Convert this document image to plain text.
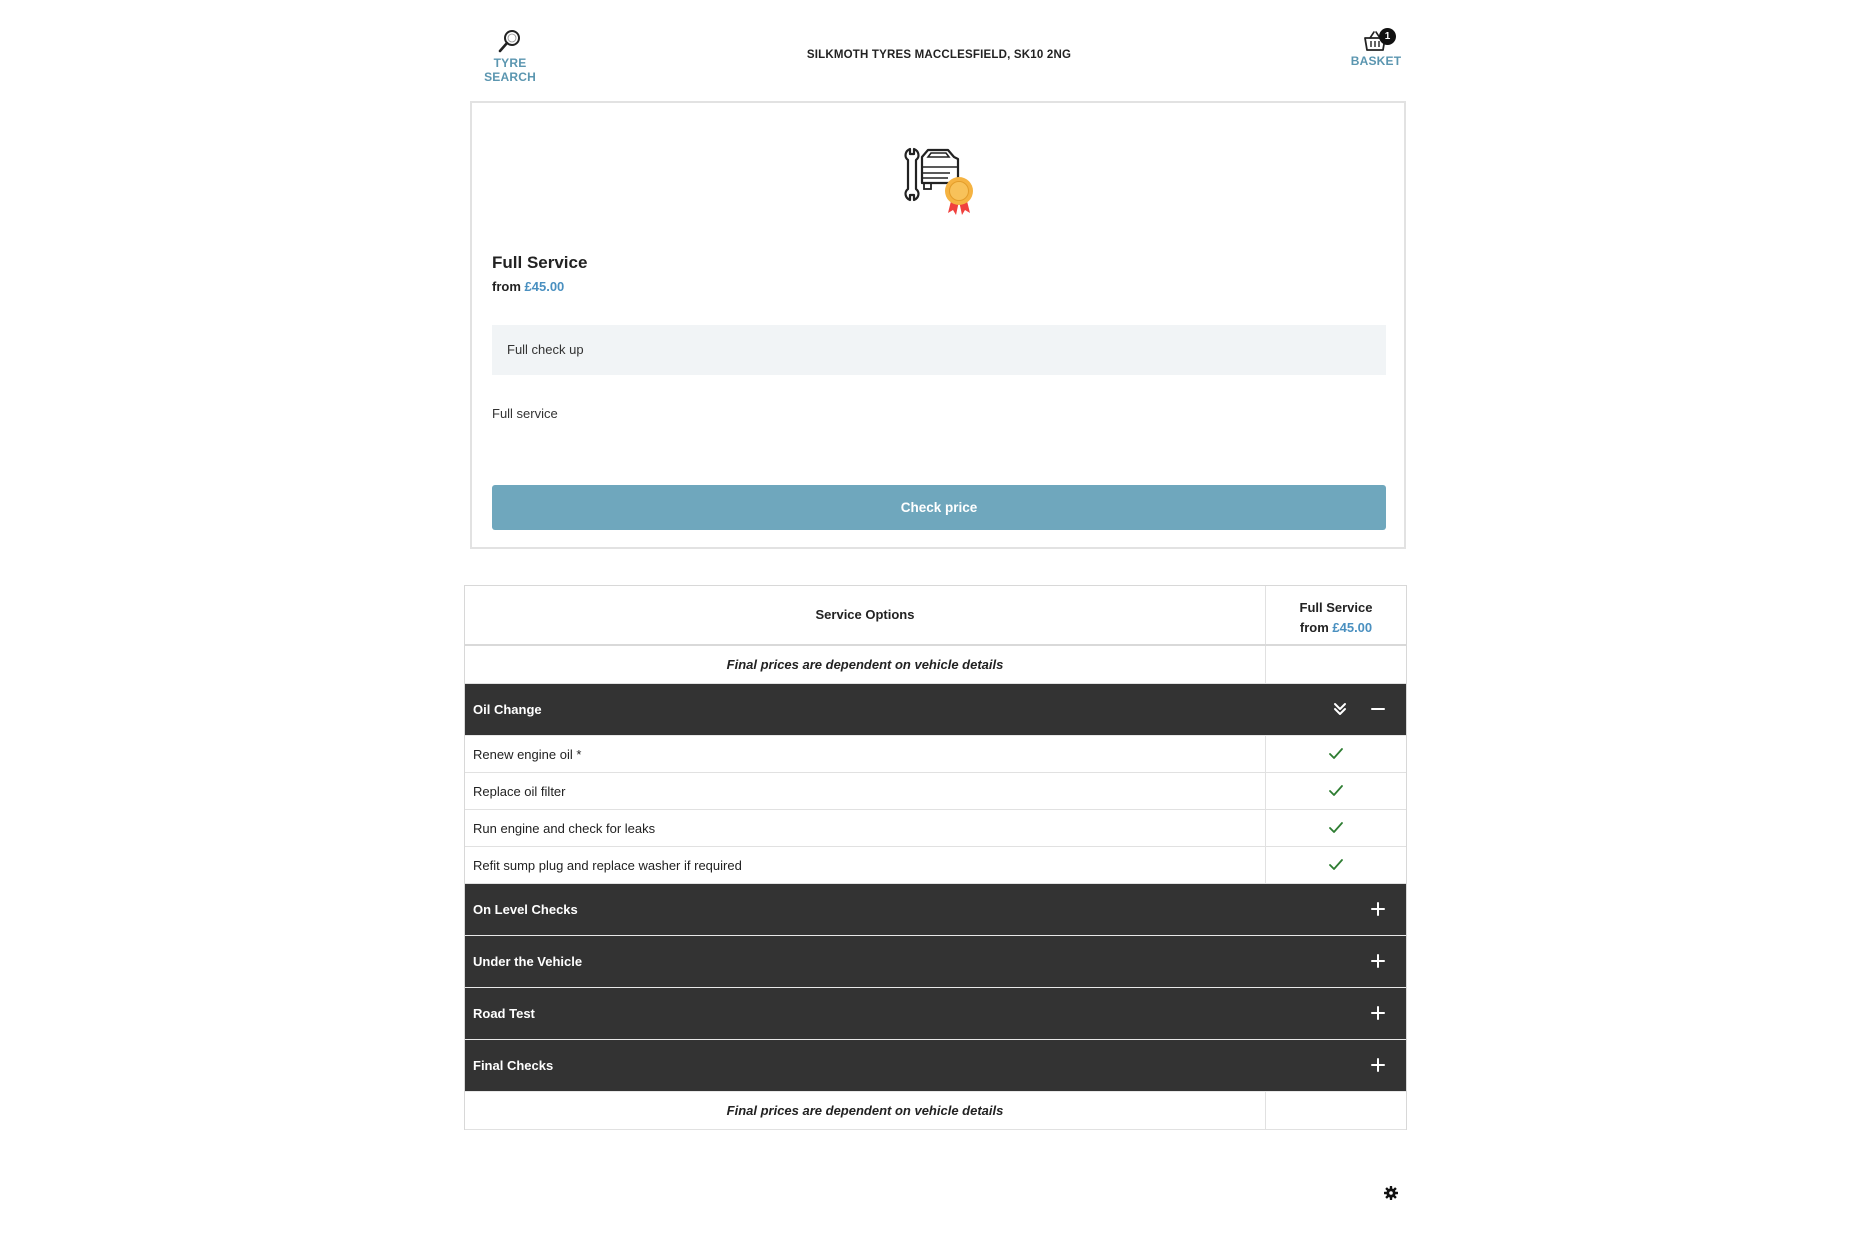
TYRE SEARCH
SILKMOTH TYRES MACCLESFIELD, SK10 2NG
1
BASKET
Full Service
from £45.00
Full check up
Full service
Check price
Service Options	Full Service
from £45.00
Final prices are dependent on vehicle details
Oil Change
Renew engine oil *
Replace oil filter
Run engine and check for leaks
Refit sump plug and replace washer if required
On Level Checks
Under the Vehicle
Road Test
Final Checks
Final prices are dependent on vehicle details
